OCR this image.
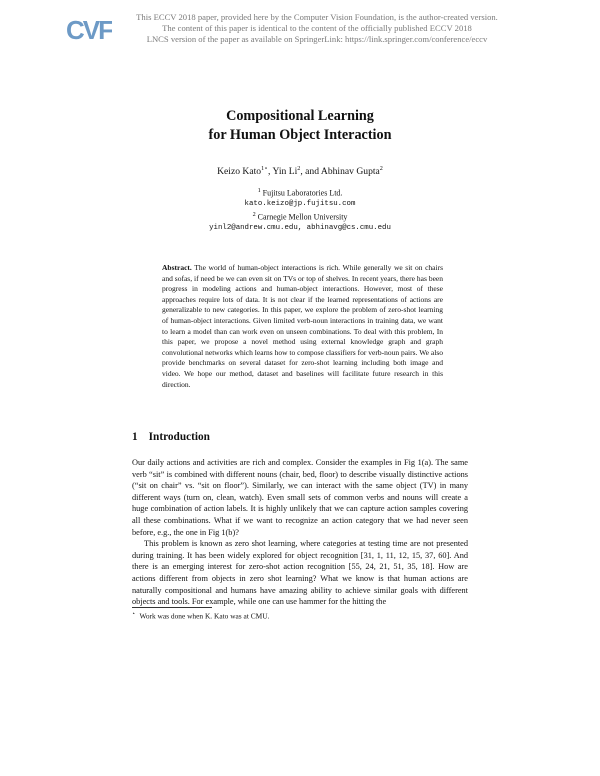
CVF	This ECCV 2018 paper, provided here by the Computer Vision Foundation, is the author-created version.
The content of this paper is identical to the content of the officially published ECCV 2018
LNCS version of the paper as available on SpringerLink: https://link.springer.com/conference/eccv
Compositional Learning
for Human Object Interaction
Keizo Kato$^{1⋆}$, Yin Li$^2$, and Abhinav Gupta$^2$
$^1$ Fujitsu Laboratories Ltd.
kato.keizo@jp.fujitsu.com
$^2$ Carnegie Mellon University
yinl2@andrew.cmu.edu, abhinavg@cs.cmu.edu
Abstract. The world of human-object interactions is rich. While generally we sit on chairs and sofas, if need be we can even sit on TVs or top of shelves. In recent years, there has been progress in modeling actions and human-object interactions. However, most of these approaches require lots of data. It is not clear if the learned representations of actions are generalizable to new categories. In this paper, we explore the problem of zero-shot learning of human-object interactions. Given limited verb-noun interactions in training data, we want to learn a model than can work even on unseen combinations. To deal with this problem, In this paper, we propose a novel method using external knowledge graph and graph convolutional networks which learns how to compose classifiers for verb-noun pairs. We also provide benchmarks on several dataset for zero-shot learning including both image and video. We hope our method, dataset and baselines will facilitate future research in this direction.
1 Introduction

Our daily actions and activities are rich and complex. Consider the examples in Fig 1(a). The same verb “sit” is combined with different nouns (chair, bed, floor) to describe visually distinctive actions (“sit on chair” vs. “sit on floor”). Similarly, we can interact with the same object (TV) in many different ways (turn on, clean, watch). Even small sets of common verbs and nouns will create a huge combination of action labels. It is highly unlikely that we can capture action samples covering all these combinations. What if we want to recognize an action category that we had never seen before, e.g., the one in Fig 1(b)?

This problem is known as zero shot learning, where categories at testing time are not presented during training. It has been widely explored for object recognition [31, 1, 11, 12, 15, 37, 60]. And there is an emerging interest for zero-shot action recognition [55, 24, 21, 51, 35, 18]. How are actions different from objects in zero shot learning? What we know is that human actions are naturally compositional and humans have amazing ability to achieve similar goals with different objects and tools. For example, while one can use hammer for the hitting the

⋆ Work was done when K. Kato was at CMU.
